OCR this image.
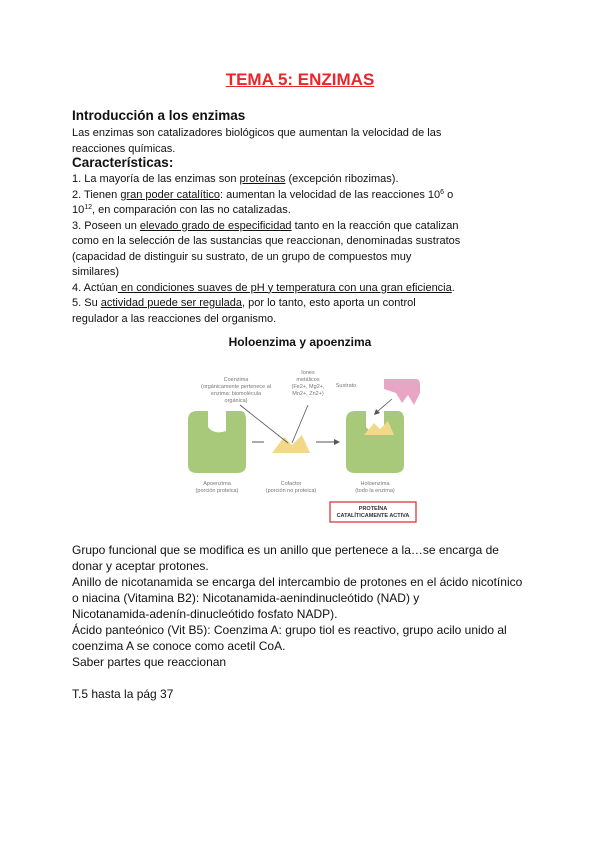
TEMA 5: ENZIMAS
Introducción a los enzimas
Las enzimas son catalizadores biológicos que aumentan la velocidad de las
reacciones químicas.
Características:
1. La mayoría de las enzimas son proteínas (excepción ribozimas).
2. Tienen gran poder catalítico: aumentan la velocidad de las reacciones $10^6$ o
$10^{12}$, en comparación con las no catalizadas.
3. Poseen un elevado grado de especificidad tanto en la reacción que catalizan
como en la selección de las sustancias que reaccionan, denominadas sustratos
(capacidad de distinguir su sustrato, de un grupo de compuestos muy
similares)
4. Actúan en condiciones suaves de pH y temperatura con una gran eficiencia.
5. Su actividad puede ser regulada, por lo tanto, esto aporta un control
regulador a las reacciones del organismo.
Holoenzima y apoenzima
Coenzima
(orgánicamente pertenece al
enzima: biomolécula
orgánica)
Iones
metálicos
(Fe2+, Mg2+,
Mn2+, Zn2+)
Sustrato
Apoenzima
(porción proteica)
Cofactor
(porción no proteica)
Holoenzima
(todo la enzima)
PROTEÍNA
CATALÍTICAMENTE ACTIVA
Grupo funcional que se modifica es un anillo que pertenece a la…se encarga de
donar y aceptar protones.
Anillo de nicotanamida se encarga del intercambio de protones en el ácido nicotínico
o niacina (Vitamina B2): Nicotanamida-aenindinucleótido (NAD) y
Nicotanamida-adenín-dinucleótido fosfato NADP).
Ácido panteónico (Vit B5): Coenzima A: grupo tiol es reactivo, grupo acilo unido al
coenzima A se conoce como acetil CoA.
Saber partes que reaccionan
T.5 hasta la pág 37
